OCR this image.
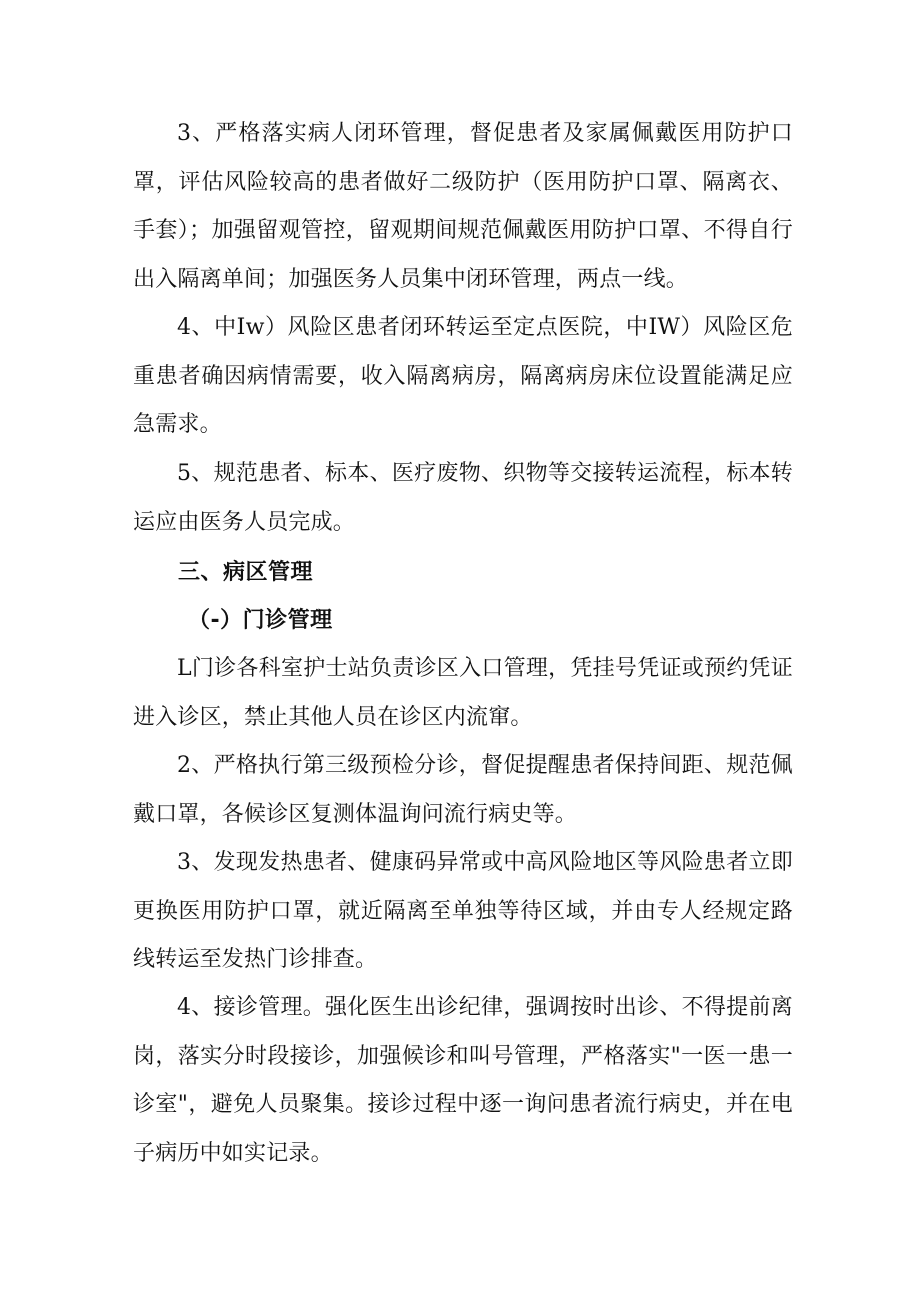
3、严格落实病人闭环管理，督促患者及家属佩戴医用防护口罩，评估风险较高的患者做好二级防护（医用防护口罩、隔离衣、手套）；加强留观管控，留观期间规范佩戴医用防护口罩、不得自行出入隔离单间；加强医务人员集中闭环管理，两点一线。

4、中Iw）风险区患者闭环转运至定点医院，中IW）风险区危重患者确因病情需要，收入隔离病房，隔离病房床位设置能满足应急需求。

5、规范患者、标本、医疗废物、织物等交接转运流程，标本转运应由医务人员完成。

三、病区管理
（-）门诊管理

L门诊各科室护士站负责诊区入口管理，凭挂号凭证或预约凭证进入诊区，禁止其他人员在诊区内流窜。

2、严格执行第三级预检分诊，督促提醒患者保持间距、规范佩戴口罩，各候诊区复测体温询问流行病史等。

3、发现发热患者、健康码异常或中高风险地区等风险患者立即更换医用防护口罩，就近隔离至单独等待区域，并由专人经规定路线转运至发热门诊排查。

4、接诊管理。强化医生出诊纪律，强调按时出诊、不得提前离岗，落实分时段接诊，加强候诊和叫号管理，严格落实"一医一患一诊室"，避免人员聚集。接诊过程中逐一询问患者流行病史，并在电子病历中如实记录。
